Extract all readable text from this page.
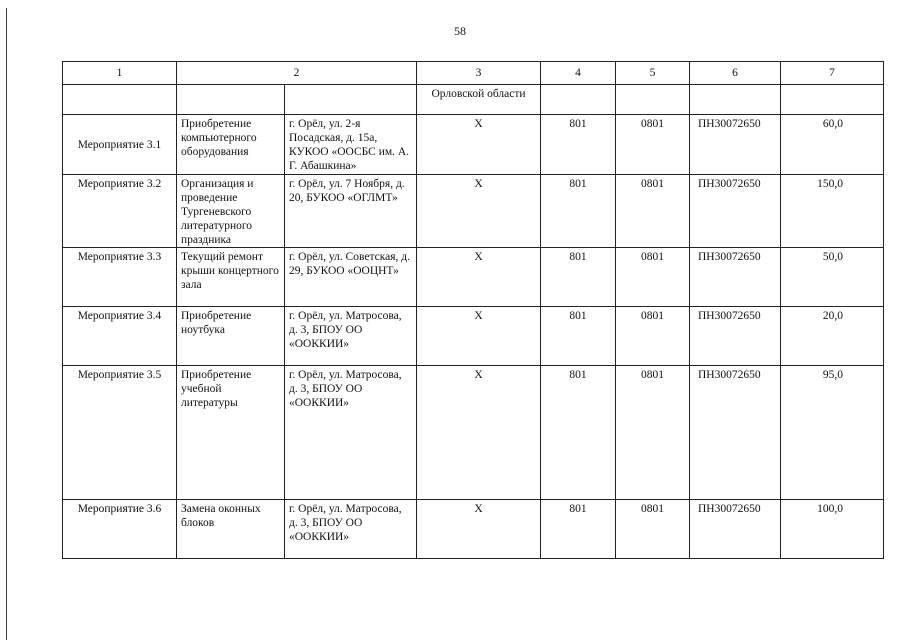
58
1	2		3	4	5	6	7

			Орловской области				

Мероприятие 3.1	Приобретение компьютерного оборудования	г. Орёл, ул. 2-я Посадская, д. 15а, КУКОО «ООСБС им. А. Г. Абашкина»	X	801	0801	ПН30072650	60,0
Мероприятие 3.2	Организация и проведение Тургеневского литературного праздника	г. Орёл, ул. 7 Ноября, д. 20, БУКОО «ОГЛМТ»	X	801	0801	ПН30072650	150,0
Мероприятие 3.3	Текущий ремонт крыши концертного зала	г. Орёл, ул. Советская, д. 29, БУКОО «ООЦНТ»	X	801	0801	ПН30072650	50,0
Мероприятие 3.4	Приобретение ноутбука	г. Орёл, ул. Матросова, д. 3, БПОУ ОО «ООККИИ»	X	801	0801	ПН30072650	20,0
Мероприятие 3.5	Приобретение учебной литературы	г. Орёл, ул. Матросова, д. 3, БПОУ ОО «ООККИИ»	X	801	0801	ПН30072650	95,0
Мероприятие 3.6	Замена оконных блоков	г. Орёл, ул. Матросова, д. 3, БПОУ ОО «ООККИИ»	X	801	0801	ПН30072650	100,0
